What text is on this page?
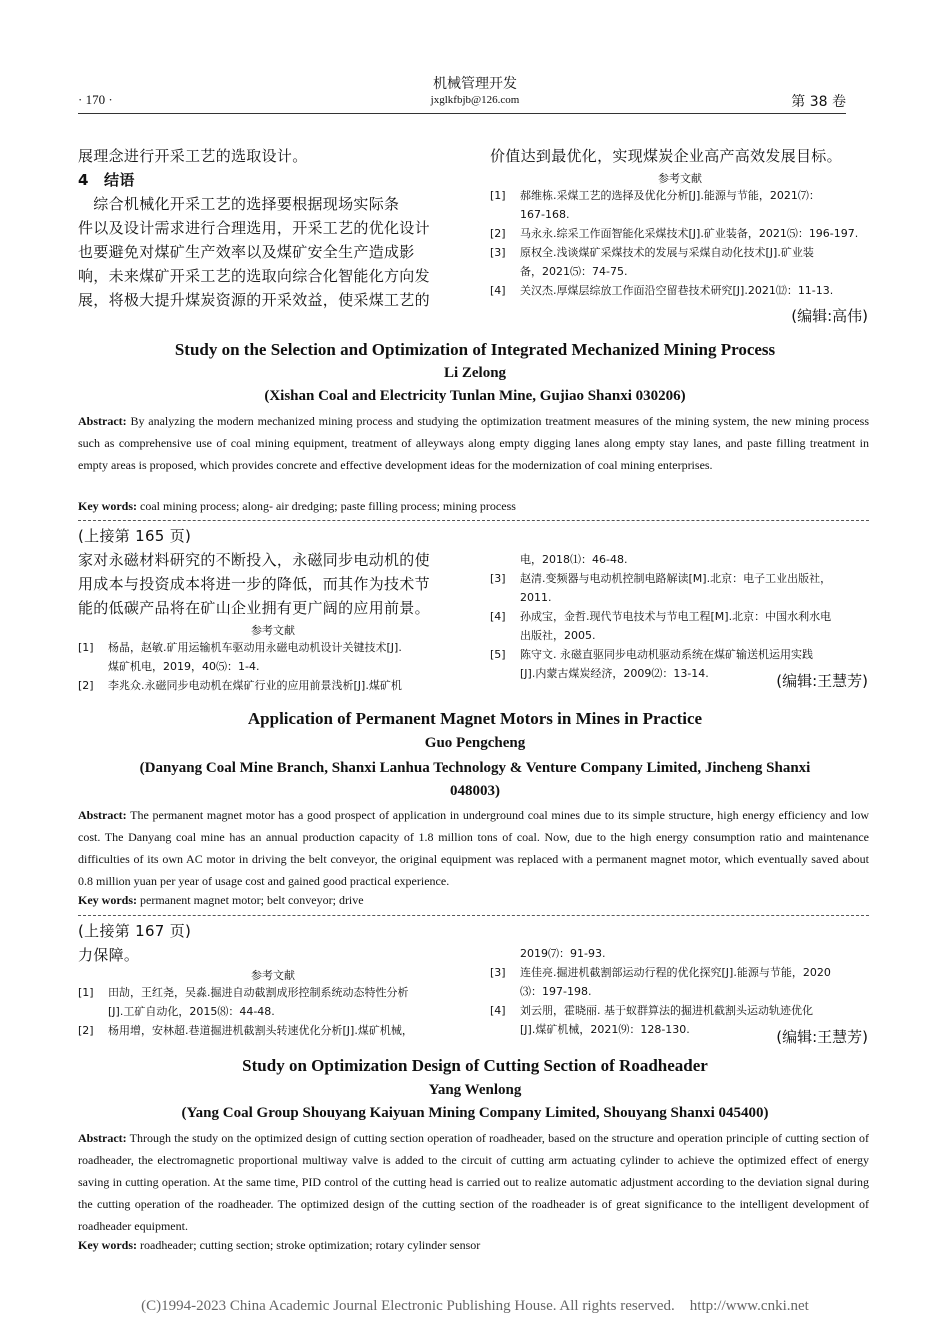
· 170 ·
机械管理开发
jxglkfbjb@126.com	第 38 卷
展理念进行开采工艺的选取设计。
4　结语
　综合机械化开采工艺的选择要根据现场实际条
件以及设计需求进行合理选用，开采工艺的优化设计
也要避免对煤矿生产效率以及煤矿安全生产造成影
响，未来煤矿开采工艺的选取向综合化智能化方向发
展，将极大提升煤炭资源的开采效益，使采煤工艺的
价值达到最优化，实现煤炭企业高产高效发展目标。
参考文献
[1]	郝维栋.采煤工艺的选择及优化分析[J].能源与节能，2021⑺：
167-168.
[2]	马永永.综采工作面智能化采煤技术[J].矿业装备，2021⑸：196-197.
[3]	原权全.浅谈煤矿采煤技术的发展与采煤自动化技术[J].矿业装
备，2021⑸：74-75.
[4]	关汉杰.厚煤层综放工作面沿空留巷技术研究[J].2021⑿：11-13.
(编辑:高伟)
Study on the Selection and Optimization of Integrated Mechanized Mining Process
Li Zelong
(Xishan Coal and Electricity Tunlan Mine, Gujiao Shanxi 030206)
Abstract: By analyzing the modern mechanized mining process and studying the optimization treatment measures of the mining system, the new mining process such as comprehensive use of coal mining equipment, treatment of alleyways along empty digging lanes along empty stay lanes, and paste filling treatment in empty areas is proposed, which provides concrete and effective development ideas for the modernization of coal mining enterprises.
Key words: coal mining process; along- air dredging; paste filling process; mining process
(上接第 165 页)
家对永磁材料研究的不断投入，永磁同步电动机的使
用成本与投资成本将进一步的降低，而其作为技术节
能的低碳产品将在矿山企业拥有更广阔的应用前景。
参考文献
[1]	杨晶，赵敏.矿用运输机车驱动用永磁电动机设计关键技术[J].
煤矿机电，2019，40⑸：1-4.
[2]	李兆众.永磁同步电动机在煤矿行业的应用前景浅析[J].煤矿机
电，2018⑴：46-48.
[3]	赵清.变频器与电动机控制电路解读[M].北京：电子工业出版社，
2011.
[4]	孙成宝，金哲.现代节电技术与节电工程[M].北京：中国水利水电
出版社，2005.
[5]	陈守文. 永磁直驱同步电动机驱动系统在煤矿输送机运用实践
[J].内蒙古煤炭经济，2009⑵：13-14.	(编辑:王慧芳)
Application of Permanent Magnet Motors in Mines in Practice
Guo Pengcheng
(Danyang Coal Mine Branch, Shanxi Lanhua Technology & Venture Company Limited, Jincheng Shanxi
048003)
Abstract: The permanent magnet motor has a good prospect of application in underground coal mines due to its simple structure, high energy efficiency and low cost. The Danyang coal mine has an annual production capacity of 1.8 million tons of coal. Now, due to the high energy consumption ratio and maintenance difficulties of its own AC motor in driving the belt conveyor, the original equipment was replaced with a permanent magnet motor, which eventually saved about 0.8 million yuan per year of usage cost and gained good practical experience.
Key words: permanent magnet motor; belt conveyor; drive
(上接第 167 页)
力保障。
参考文献
[1]	田劼，王红尧，吴淼.掘进自动截割成形控制系统动态特性分析
[J].工矿自动化，2015⑻：44-48.
[2]	杨用增，安林超.巷道掘进机截割头转速优化分析[J].煤矿机械，
2019⑺：91-93.
[3]	连佳亮.掘进机截割部运动行程的优化探究[J].能源与节能，2020
⑶：197-198.
[4]	刘云朋，霍晓丽. 基于蚁群算法的掘进机截割头运动轨迹优化
[J].煤矿机械，2021⑼：128-130.	(编辑:王慧芳)
Study on Optimization Design of Cutting Section of Roadheader
Yang Wenlong
(Yang Coal Group Shouyang Kaiyuan Mining Company Limited, Shouyang Shanxi 045400)
Abstract: Through the study on the optimized design of cutting section operation of roadheader, based on the structure and operation principle of cutting section of roadheader, the electromagnetic proportional multiway valve is added to the circuit of cutting arm actuating cylinder to achieve the optimized effect of energy saving in cutting operation. At the same time, PID control of the cutting head is carried out to realize automatic adjustment according to the deviation signal during the cutting operation of the roadheader. The optimized design of the cutting section of the roadheader is of great significance to the intelligent development of roadheader equipment.
Key words: roadheader; cutting section; stroke optimization; rotary cylinder sensor
(C)1994-2023 China Academic Journal Electronic Publishing House. All rights reserved.    http://www.cnki.net
